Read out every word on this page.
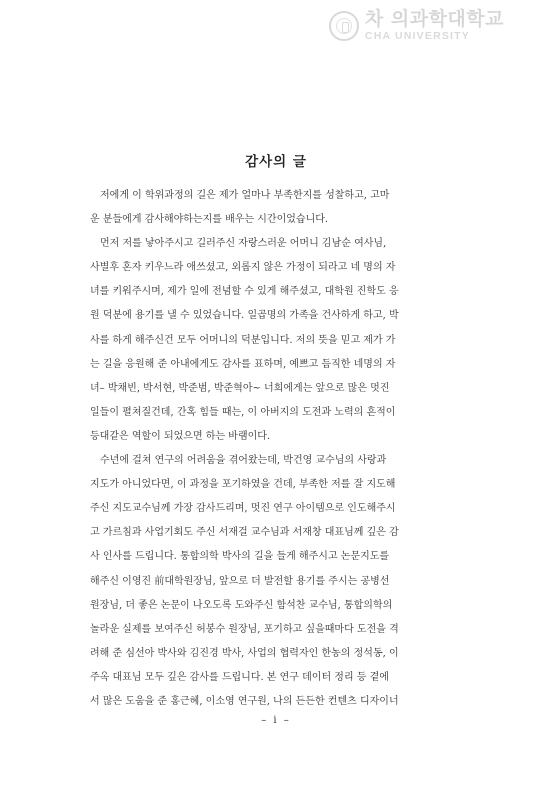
차 의과학대학교
CHA UNIVERSITY
감사의 글
저에게 이 학위과정의 길은 제가 얼마나 부족한지를 성찰하고, 고마
운 분들에게 감사해야하는지를 배우는 시간이었습니다.
먼저 저를 낳아주시고 길러주신 자랑스러운 어머니 김남순 여사님,
사별후 혼자 키우느라 애쓰셨고, 외롭지 않은 가정이 되라고 네 명의 자
녀를 키워주시며, 제가 일에 전념할 수 있게 해주셨고, 대학원 진학도 응
원 덕분에 용기를 낼 수 있었습니다. 일곱명의 가족을 건사하게 하고, 박
사를 하게 해주신건 모두 어머니의 덕분입니다. 저의 뜻을 믿고 제가 가
는 길을 응원해 준 아내에게도 감사를 표하며, 예쁘고 듬직한 네명의 자
녀– 박채빈, 박서현, 박준범, 박준혁아~ 너희에게는 앞으로 많은 멋진
일들이 펼쳐질건데, 간혹 힘들 때는, 이 아버지의 도전과 노력의 흔적이
등대같은 역할이 되었으면 하는 바램이다.
수년에 걸쳐 연구의 어려움을 겪어왔는데, 박건영 교수님의 사랑과
지도가 아니었다면, 이 과정을 포기하였을 건데, 부족한 저를 잘 지도해
주신 지도교수님께 가장 감사드리며, 멋진 연구 아이템으로 인도해주시
고 가르침과 사업기회도 주신 서재걸 교수님과 서재창 대표님께 깊은 감
사 인사를 드립니다. 통합의학 박사의 길을 들게 해주시고 논문지도를
해주신 이영진 前대학원장님, 앞으로 더 발전할 용기를 주시는 공병선
원장님, 더 좋은 논문이 나오도록 도와주신 함석찬 교수님, 통합의학의
놀라운 실제를 보여주신 허봉수 원장님, 포기하고 싶을때마다 도전을 격
려해 준 심선아 박사와 김진경 박사, 사업의 협력자인 한농의 정석동, 이
주옥 대표님 모두 깊은 감사를 드립니다. 본 연구 데이터 정리 등 곁에
서 많은 도움을 준 홍근혜, 이소영 연구원, 나의 든든한 컨텐츠 디자이너
– i –
